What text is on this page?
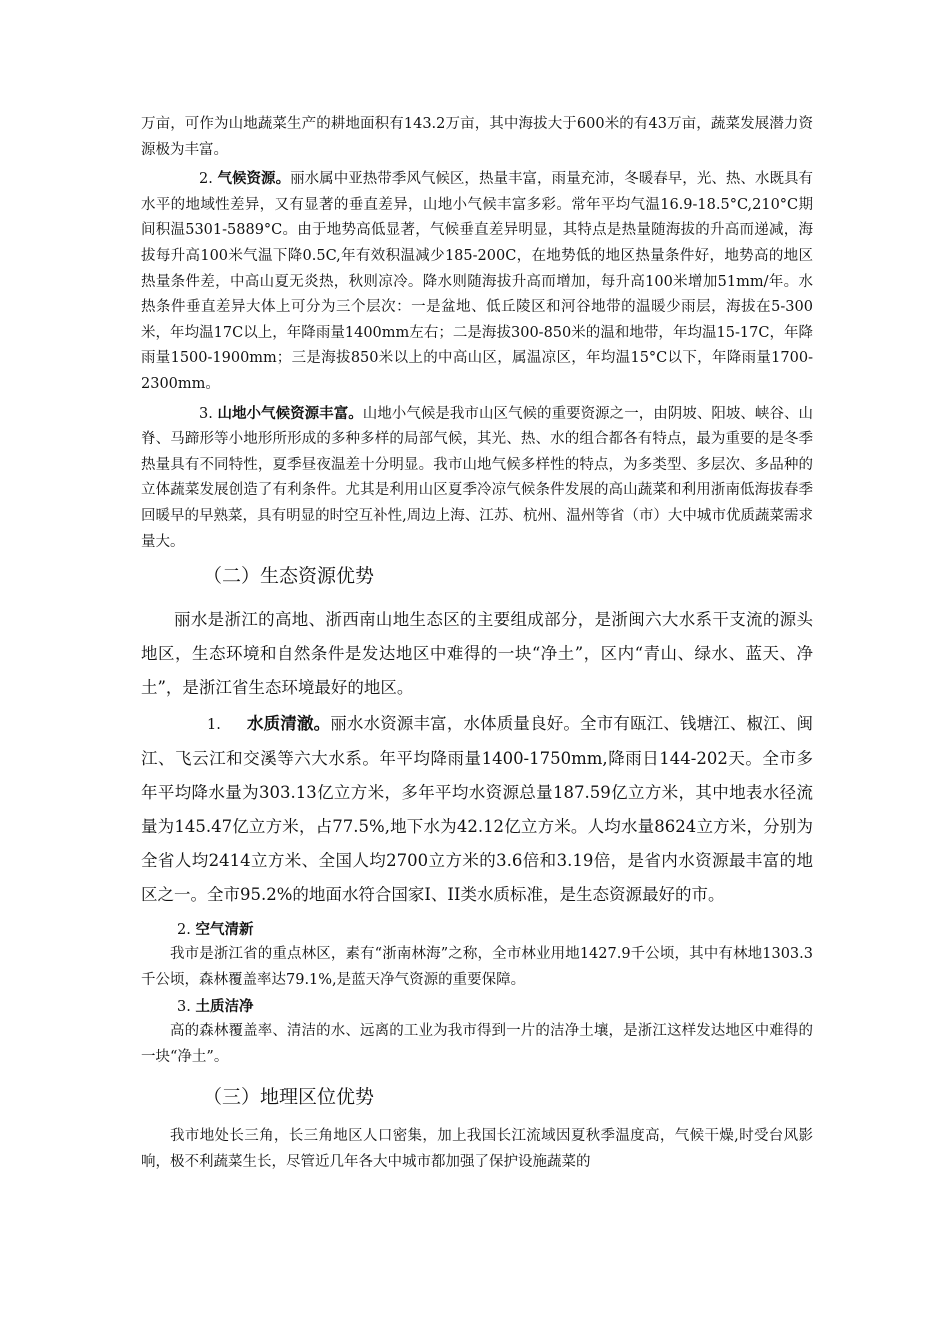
万亩，可作为山地蔬菜生产的耕地面积有143.2万亩，其中海拔大于600米的有43万亩，蔬菜发展潜力资源极为丰富。

2. 气候资源。丽水属中亚热带季风气候区，热量丰富，雨量充沛，冬暖春早，光、热、水既具有水平的地域性差异，又有显著的垂直差异，山地小气候丰富多彩。常年平均气温16.9-18.5°C,210°C期间积温5301-5889°C。由于地势高低显著，气候垂直差异明显，其特点是热量随海拔的升高而递减，海拔每升高100米气温下降0.5C,年有效积温减少185-200C，在地势低的地区热量条件好，地势高的地区热量条件差，中高山夏无炎热，秋则凉冷。降水则随海拔升高而增加，每升高100米增加51mm/年。水热条件垂直差异大体上可分为三个层次：一是盆地、低丘陵区和河谷地带的温暖少雨层，海拔在5-300米，年均温17C以上，年降雨量1400mm左右；二是海拔300-850米的温和地带，年均温15-17C，年降雨量1500-1900mm；三是海拔850米以上的中高山区，属温凉区，年均温15°C以下，年降雨量1700-2300mm。

3. 山地小气候资源丰富。山地小气候是我市山区气候的重要资源之一，由阴坡、阳坡、峡谷、山脊、马蹄形等小地形所形成的多种多样的局部气候，其光、热、水的组合都各有特点，最为重要的是冬季热量具有不同特性，夏季昼夜温差十分明显。我市山地气候多样性的特点，为多类型、多层次、多品种的立体蔬菜发展创造了有利条件。尤其是利用山区夏季冷凉气候条件发展的高山蔬菜和利用浙南低海拔春季回暖早的早熟菜，具有明显的时空互补性,周边上海、江苏、杭州、温州等省（市）大中城市优质蔬菜需求量大。

（二）生态资源优势

丽水是浙江的高地、浙西南山地生态区的主要组成部分，是浙闽六大水系干支流的源头地区，生态环境和自然条件是发达地区中难得的一块“净土”，区内“青山、绿水、蓝天、净土”，是浙江省生态环境最好的地区。

1. 水质清澈。丽水水资源丰富，水体质量良好。全市有瓯江、钱塘江、椒江、闽江、飞云江和交溪等六大水系。年平均降雨量1400-1750mm,降雨日144-202天。全市多年平均降水量为303.13亿立方米，多年平均水资源总量187.59亿立方米，其中地表水径流量为145.47亿立方米，占77.5%,地下水为42.12亿立方米。人均水量8624立方米，分别为全省人均2414立方米、全国人均2700立方米的3.6倍和3.19倍，是省内水资源最丰富的地区之一。全市95.2%的地面水符合国家I、II类水质标准，是生态资源最好的市。

2. 空气清新

我市是浙江省的重点林区，素有“浙南林海”之称，全市林业用地1427.9千公顷，其中有林地1303.3千公顷，森林覆盖率达79.1%,是蓝天净气资源的重要保障。

3. 土质洁净

高的森林覆盖率、清洁的水、远离的工业为我市得到一片的洁净土壤，是浙江这样发达地区中难得的一块“净土”。

（三）地理区位优势

我市地处长三角，长三角地区人口密集，加上我国长江流域因夏秋季温度高，气候干燥,时受台风影响，极不利蔬菜生长，尽管近几年各大中城市都加强了保护设施蔬菜的
